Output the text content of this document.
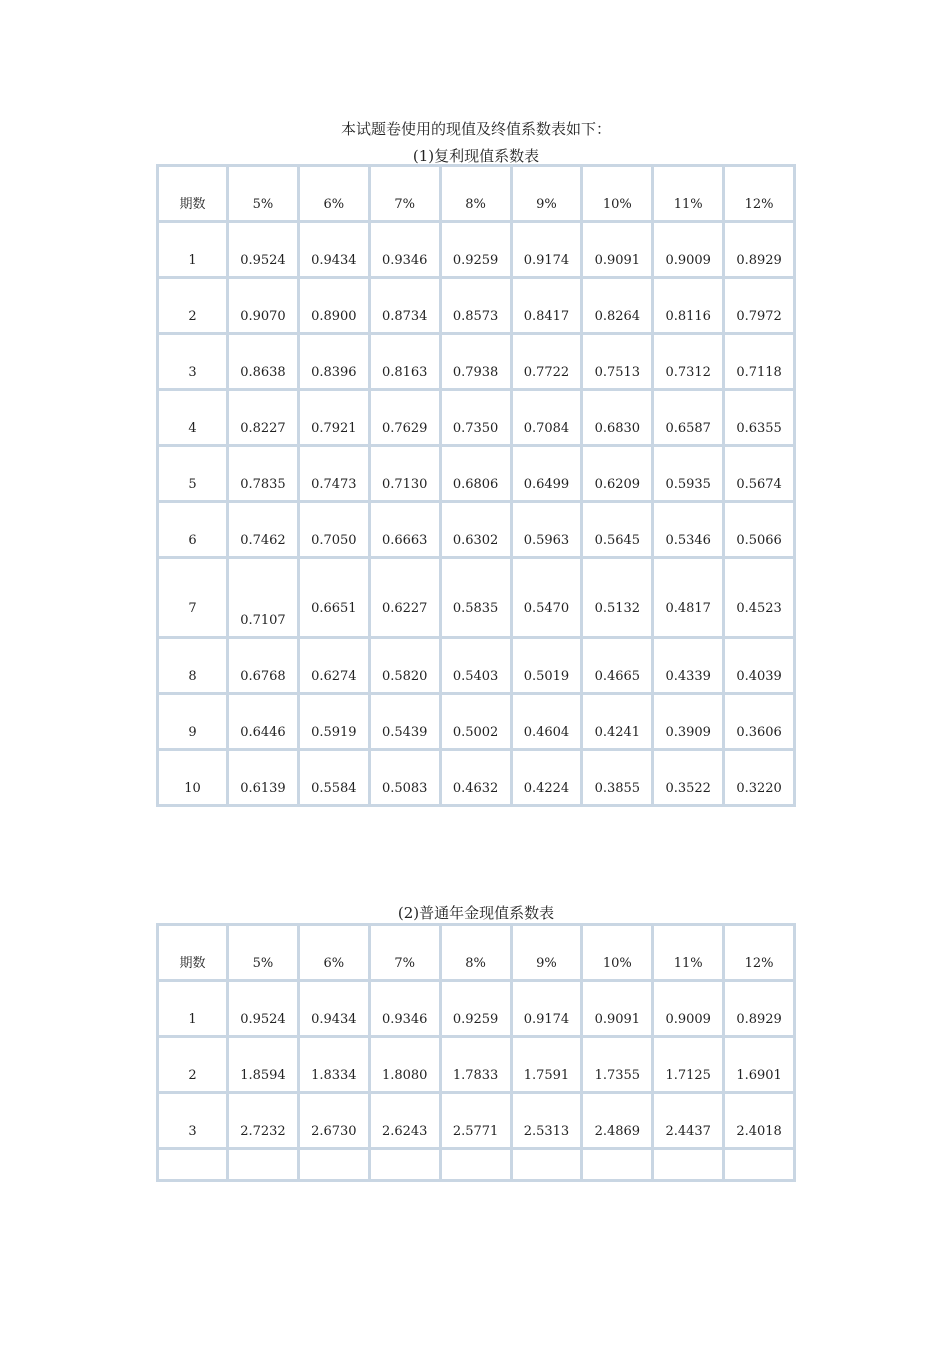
本试题卷使用的现值及终值系数表如下：
(1)复利现值系数表
期数	5%	6%	7%	8%	9%	10%	11%	12%
1	0.9524	0.9434	0.9346	0.9259	0.9174	0.9091	0.9009	0.8929
2	0.9070	0.8900	0.8734	0.8573	0.8417	0.8264	0.8116	0.7972
3	0.8638	0.8396	0.8163	0.7938	0.7722	0.7513	0.7312	0.7118
4	0.8227	0.7921	0.7629	0.7350	0.7084	0.6830	0.6587	0.6355
5	0.7835	0.7473	0.7130	0.6806	0.6499	0.6209	0.5935	0.5674
6	0.7462	0.7050	0.6663	0.6302	0.5963	0.5645	0.5346	0.5066
7	0.7107	0.6651	0.6227	0.5835	0.5470	0.5132	0.4817	0.4523
8	0.6768	0.6274	0.5820	0.5403	0.5019	0.4665	0.4339	0.4039
9	0.6446	0.5919	0.5439	0.5002	0.4604	0.4241	0.3909	0.3606
10	0.6139	0.5584	0.5083	0.4632	0.4224	0.3855	0.3522	0.3220
(2)普通年金现值系数表
期数	5%	6%	7%	8%	9%	10%	11%	12%
1	0.9524	0.9434	0.9346	0.9259	0.9174	0.9091	0.9009	0.8929
2	1.8594	1.8334	1.8080	1.7833	1.7591	1.7355	1.7125	1.6901
3	2.7232	2.6730	2.6243	2.5771	2.5313	2.4869	2.4437	2.4018
